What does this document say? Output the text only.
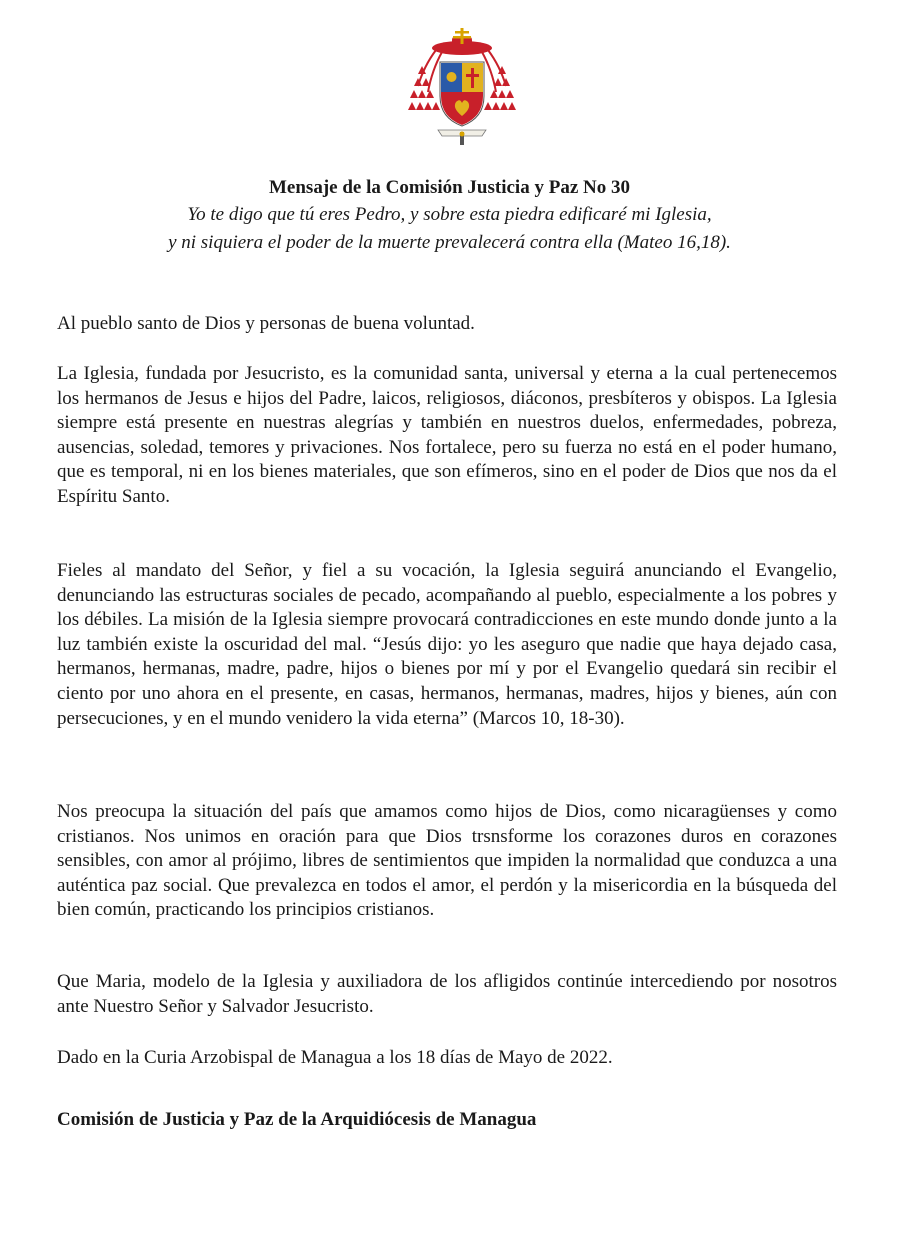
Mensaje de la Comisión Justicia y Paz No 30
Yo te digo que tú eres Pedro, y sobre esta piedra edificaré mi Iglesia,
y ni siquiera el poder de la muerte prevalecerá contra ella (Mateo 16,18).

Al pueblo santo de Dios y personas de buena voluntad.

La Iglesia, fundada por Jesucristo, es la comunidad santa, universal y eterna a la cual pertenecemos los hermanos de Jesus e hijos del Padre, laicos, religiosos, diáconos, presbíteros y obispos. La Iglesia siempre está presente en nuestras alegrías y también en nuestros duelos, enfermedades, pobreza, ausencias, soledad, temores y privaciones. Nos fortalece, pero su fuerza no está en el poder humano, que es temporal, ni en los bienes materiales, que son efímeros, sino en el poder de Dios que nos da el Espíritu Santo.

Fieles al mandato del Señor, y fiel a su vocación, la Iglesia seguirá anunciando el Evangelio, denunciando las estructuras sociales de pecado, acompañando al pueblo, especialmente a los pobres y los débiles. La misión de la Iglesia siempre provocará contradicciones en este mundo donde junto a la luz también existe la oscuridad del mal. “Jesús dijo: yo les aseguro que nadie que haya dejado casa, hermanos, hermanas, madre, padre, hijos o bienes por mí y por el Evangelio quedará sin recibir el ciento por uno ahora en el presente, en casas, hermanos, hermanas, madres, hijos y bienes, aún con persecuciones, y en el mundo venidero la vida eterna” (Marcos 10, 18-30).

Nos preocupa la situación del país que amamos como hijos de Dios, como nicaragüenses y como cristianos. Nos unimos en oración para que Dios trsnsforme los corazones duros en corazones sensibles, con amor al prójimo, libres de sentimientos que impiden la normalidad que conduzca a una auténtica paz social. Que prevalezca en todos el amor, el perdón y la misericordia en la búsqueda del bien común, practicando los principios cristianos.

Que Maria, modelo de la Iglesia y auxiliadora de los afligidos continúe intercediendo por nosotros ante Nuestro Señor y Salvador Jesucristo.

Dado en la Curia Arzobispal de Managua a los 18 días de Mayo de 2022.

Comisión de Justicia y Paz de la Arquidiócesis de Managua
